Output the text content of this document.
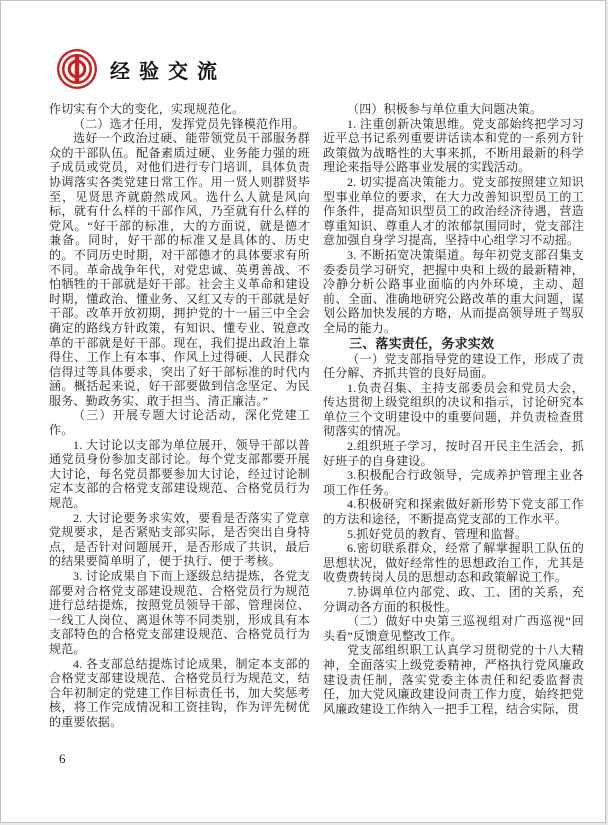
经验交流

作切实有个大的变化，实现规范化。

（二）选才任用，发挥党员先锋模范作用。

选好一个政治过硬、能带领党员干部服务群众的干部队伍。配备素质过硬、业务能力强的班子成员或党员，对他们进行专门培训，具体负责协调落实各类党建日常工作。用一贤人则群贤毕至，见贤思齐就蔚然成风。选什么人就是风向标，就有什么样的干部作风，乃至就有什么样的党风。“好干部的标准，大的方面说，就是德才兼备。同时，好干部的标准又是具体的、历史的。不同历史时期，对干部德才的具体要求有所不同。革命战争年代，对党忠诚、英勇善战、不怕牺牲的干部就是好干部。社会主义革命和建设时期，懂政治、懂业务、又红又专的干部就是好干部。改革开放初期，拥护党的十一届三中全会确定的路线方针政策，有知识、懂专业、锐意改革的干部就是好干部。现在，我们提出政治上靠得住、工作上有本事、作风上过得硬、人民群众信得过等具体要求，突出了好干部标准的时代内涵。概括起来说，好干部要做到信念坚定、为民服务、勤政务实、敢于担当、清正廉洁。”

（三）开展专题大讨论活动，深化党建工作。

1. 大讨论以支部为单位展开，领导干部以普通党员身份参加支部讨论。每个党支部都要开展大讨论，每名党员都要参加大讨论，经过讨论制定本支部的合格党支部建设规范、合格党员行为规范。

2. 大讨论要务求实效，要看是否落实了党章党规要求，是否紧贴支部实际，是否突出自身特点，是否针对问题展开，是否形成了共识，最后的结果要简单明了，便于执行、便于考核。

3. 讨论成果自下而上逐级总结提炼，各党支部要对合格党支部建设规范、合格党员行为规范进行总结提炼，按照党员领导干部、管理岗位、一线工人岗位、离退休等不同类别，形成具有本支部特色的合格党支部建设规范、合格党员行为规范。

4. 各支部总结提炼讨论成果，制定本支部的合格党支部建设规范、合格党员行为规范文，结合年初制定的党建工作目标责任书，加大奖惩考核，将工作完成情况和工资挂钩，作为评先树优的重要依据。

（四）积极参与单位重大问题决策。

1. 注重创新决策思维。党支部始终把学习习近平总书记系列重要讲话读本和党的一系列方针政策做为战略性的大事来抓，不断用最新的科学理论来指导公路事业发展的实践活动。

2. 切实提高决策能力。党支部按照建立知识型事业单位的要求，在大力改善知识型员工的工作条件，提高知识型员工的政治经济待遇，营造尊重知识、尊重人才的浓郁氛围同时，党支部注意加强自身学习提高，坚持中心组学习不动摇。

3. 不断拓宽决策渠道。每年初党支部召集支委委员学习研究，把握中央和上级的最新精神，冷静分析公路事业面临的内外环境，主动、超前、全面、准确地研究公路改革的重大问题，谋划公路加快发展的方略，从而提高领导班子驾驭全局的能力。

三、落实责任，务求实效

（一）党支部指导党的建设工作，形成了责任分解、齐抓共管的良好局面。

1.负责召集、主持支部委员会和党员大会，传达贯彻上级党组织的决议和指示，讨论研究本单位三个文明建设中的重要问题，并负责检查贯彻落实的情况。

2.组织班子学习，按时召开民主生活会，抓好班子的自身建设。

3.积极配合行政领导，完成养护管理主业各项工作任务。

4.积极研究和探索做好新形势下党支部工作的方法和途径，不断提高党支部的工作水平。

5.抓好党员的教育、管理和监督。

6.密切联系群众，经常了解掌握职工队伍的思想状况，做好经常性的思想政治工作，尤其是收费费转岗人员的思想动态和政策解说工作。

7.协调单位内部党、政、工、团的关系，充分调动各方面的积极性。

（二）做好中央第三巡视组对广西巡视“回头看”反馈意见整改工作。

党支部组织职工认真学习贯彻党的十八大精神，全面落实上级党委精神，严格执行党风廉政建设责任制，落实党委主体责任和纪委监督责任，加大党风廉政建设问责工作力度，始终把党风廉政建设工作纳入一把手工程，结合实际，贯

6
